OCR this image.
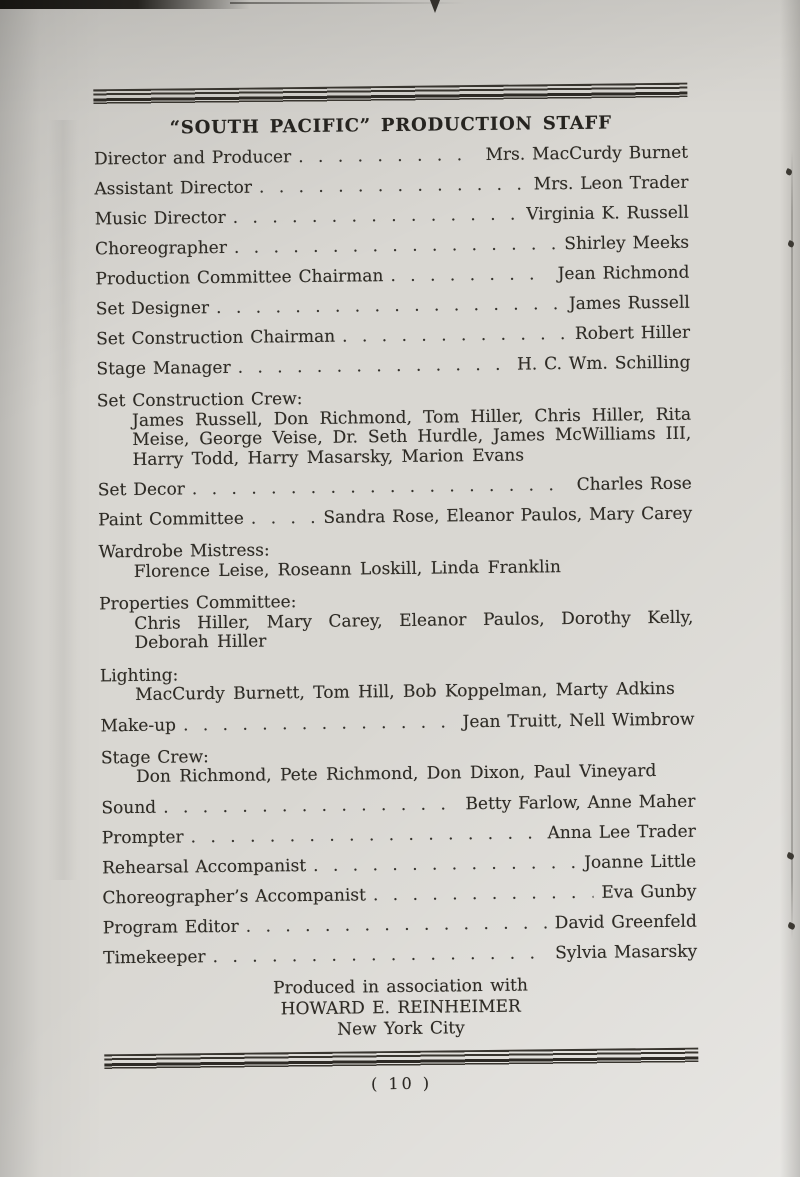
“SOUTH PACIFIC” PRODUCTION STAFF
Director and Producer . . .	Mrs. MacCurdy Burnet
Assistant Director . . .	Mrs. Leon Trader
Music Director . . .	Virginia K. Russell
Choreographer . . .	Shirley Meeks
Production Committee Chairman . . .	Jean Richmond
Set Designer . . .	James Russell
Set Construction Chairman . . .	Robert Hiller
Stage Manager . . .	H. C. Wm. Schilling
Set Construction Crew:
James Russell, Don Richmond, Tom Hiller, Chris Hiller, Rita Meise, George Veise, Dr. Seth Hurdle, James McWilliams III, Harry Todd, Harry Masarsky, Marion Evans
Set Decor . . .	Charles Rose
Paint Committee . . .	Sandra Rose, Eleanor Paulos, Mary Carey
Wardrobe Mistress:
Florence Leise, Roseann Loskill, Linda Franklin
Properties Committee:
Chris Hiller, Mary Carey, Eleanor Paulos, Dorothy Kelly, Deborah Hiller
Lighting:
MacCurdy Burnett, Tom Hill, Bob Koppelman, Marty Adkins
Make-up . . .	Jean Truitt, Nell Wimbrow
Stage Crew:
Don Richmond, Pete Richmond, Don Dixon, Paul Vineyard
Sound . . .	Betty Farlow, Anne Maher
Prompter . . .	Anna Lee Trader
Rehearsal Accompanist . . .	Joanne Little
Choreographer’s Accompanist . . .	Eva Gunby
Program Editor . . .	David Greenfeld
Timekeeper . . .	Sylvia Masarsky
Produced in association with
HOWARD E. REINHEIMER
New York City
( 10 )
